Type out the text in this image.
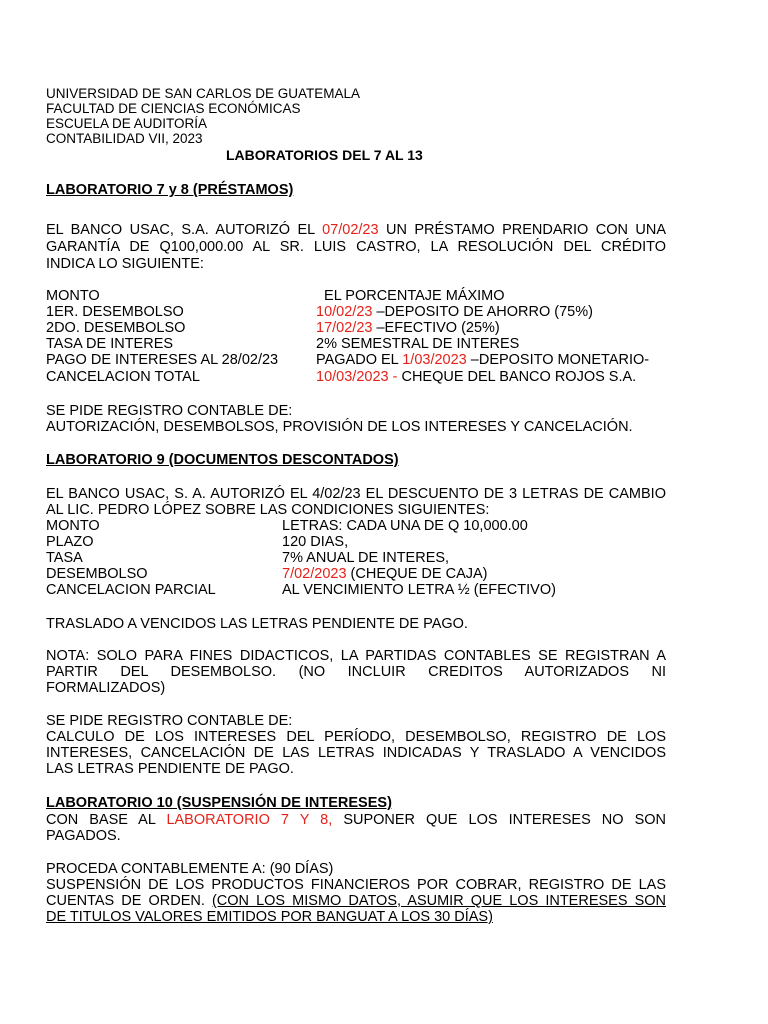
UNIVERSIDAD DE SAN CARLOS DE GUATEMALA
FACULTAD DE CIENCIAS ECONÓMICAS
ESCUELA DE AUDITORÍA
CONTABILIDAD VII, 2023
LABORATORIOS DEL 7 AL 13
LABORATORIO 7 y 8 (PRÉSTAMOS)
EL BANCO USAC, S.A. AUTORIZÓ EL 07/02/23 UN PRÉSTAMO PRENDARIO CON UNA
GARANTÍA DE Q100,000.00 AL SR. LUIS CASTRO, LA RESOLUCIÓN DEL CRÉDITO
INDICA LO SIGUIENTE:
MONTO	EL PORCENTAJE MÁXIMO
1ER. DESEMBOLSO	10/02/23 –DEPOSITO DE AHORRO (75%)
2DO. DESEMBOLSO	17/02/23 –EFECTIVO (25%)
TASA DE INTERES	2% SEMESTRAL DE INTERES
PAGO DE INTERESES AL 28/02/23	PAGADO EL 1/03/2023 –DEPOSITO MONETARIO-
CANCELACION TOTAL	10/03/2023 - CHEQUE DEL BANCO ROJOS S.A.
SE PIDE REGISTRO CONTABLE DE:
AUTORIZACIÓN, DESEMBOLSOS, PROVISIÓN DE LOS INTERESES Y CANCELACIÓN.
LABORATORIO 9 (DOCUMENTOS DESCONTADOS)
EL BANCO USAC, S. A. AUTORIZÓ EL 4/02/23 EL DESCUENTO DE 3 LETRAS DE CAMBIO
AL LIC. PEDRO LÓPEZ SOBRE LAS CONDICIONES SIGUIENTES:
MONTO	LETRAS: CADA UNA DE Q 10,000.00
PLAZO	120 DIAS,
TASA	7% ANUAL DE INTERES,
DESEMBOLSO	7/02/2023 (CHEQUE DE CAJA)
CANCELACION PARCIAL	AL VENCIMIENTO LETRA ½ (EFECTIVO)
TRASLADO A VENCIDOS LAS LETRAS PENDIENTE DE PAGO.
NOTA: SOLO PARA FINES DIDACTICOS, LA PARTIDAS CONTABLES SE REGISTRAN A
PARTIR DEL DESEMBOLSO. (NO INCLUIR CREDITOS AUTORIZADOS NI
FORMALIZADOS)
SE PIDE REGISTRO CONTABLE DE:
CALCULO DE LOS INTERESES DEL PERÍODO, DESEMBOLSO, REGISTRO DE LOS
INTERESES, CANCELACIÓN DE LAS LETRAS INDICADAS Y TRASLADO A VENCIDOS
LAS LETRAS PENDIENTE DE PAGO.
LABORATORIO 10 (SUSPENSIÓN DE INTERESES)
CON BASE AL LABORATORIO 7 Y 8, SUPONER QUE LOS INTERESES NO SON
PAGADOS.
PROCEDA CONTABLEMENTE A: (90 DÍAS)
SUSPENSIÓN DE LOS PRODUCTOS FINANCIEROS POR COBRAR, REGISTRO DE LAS
CUENTAS DE ORDEN. (CON LOS MISMO DATOS, ASUMIR QUE LOS INTERESES SON
DE TITULOS VALORES EMITIDOS POR BANGUAT A LOS 30 DÍAS)
